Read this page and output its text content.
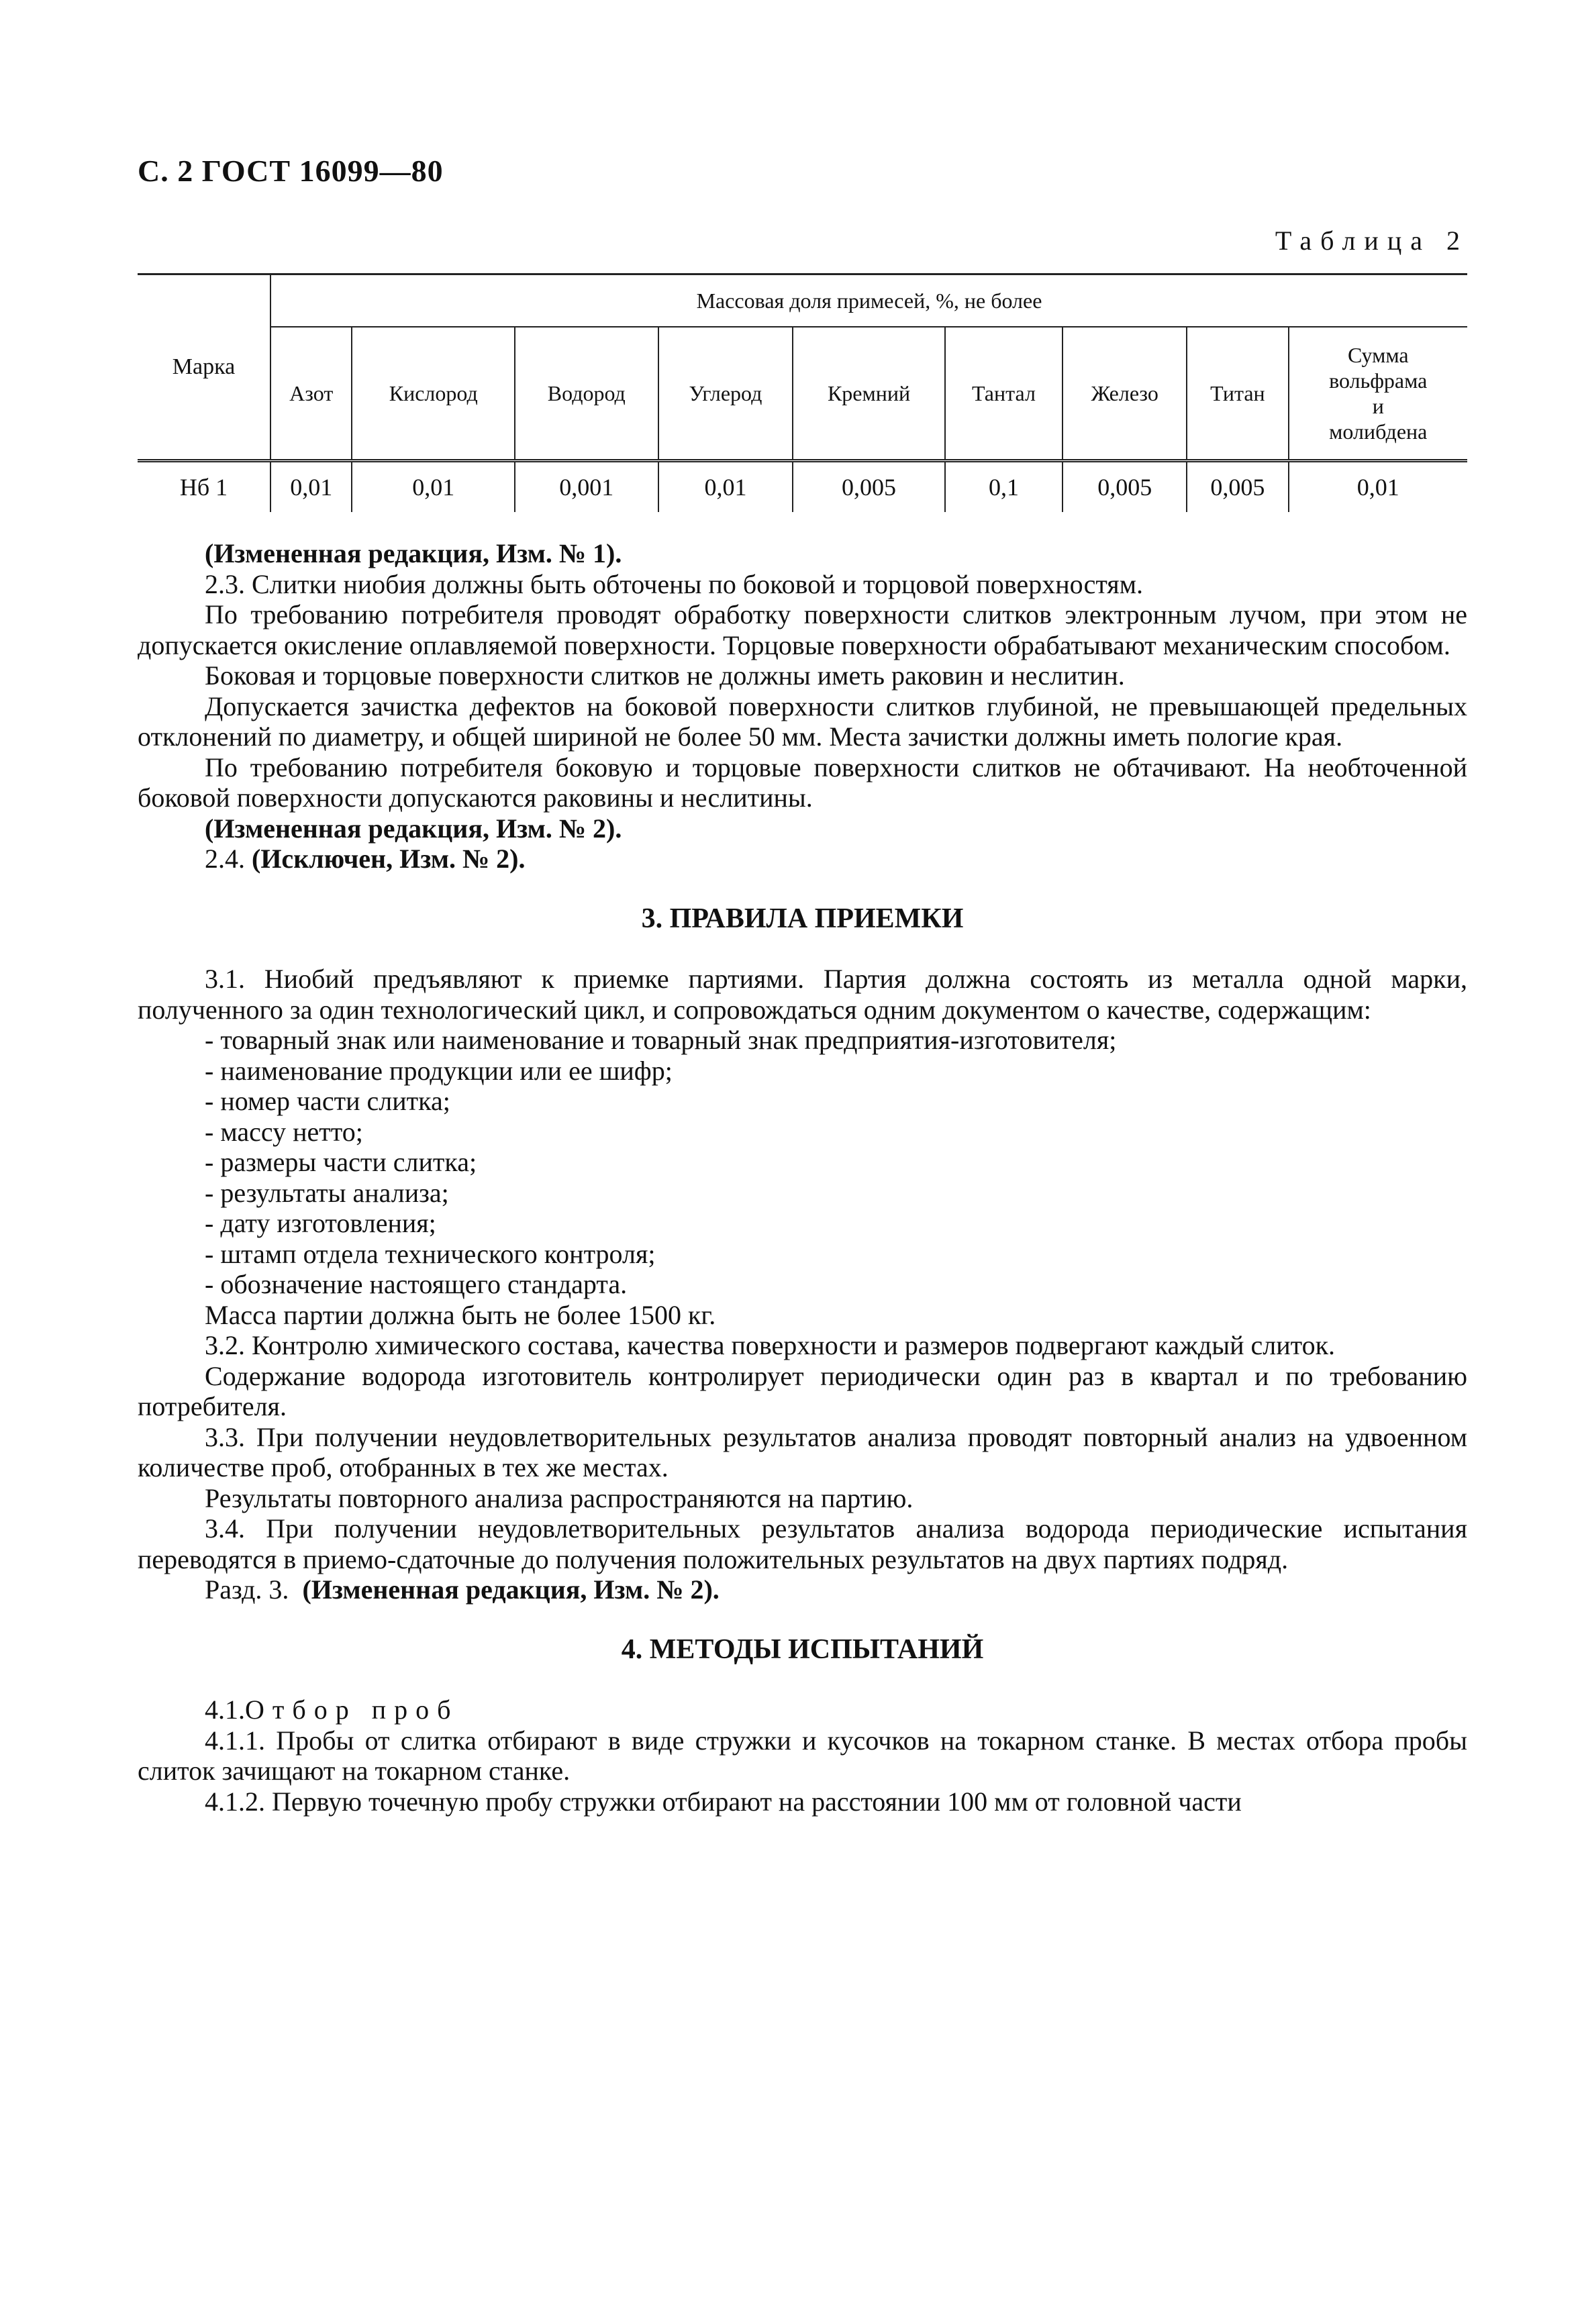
С. 2 ГОСТ 16099—80
Таблица 2
Марка	Массовая доля примесей, %, не более								
	Азот	Кислород	Водород	Углерод	Кремний	Тантал	Железо	Титан	Сумма
вольфрама
и
молибдена
Нб 1	0,01	0,01	0,001	0,01	0,005	0,1	0,005	0,005	0,01

(Измененная редакция, Изм. № 1).

2.3. Слитки ниобия должны быть обточены по боковой и торцовой поверхностям.

По требованию потребителя проводят обработку поверхности слитков электронным лучом, при этом не допускается окисление оплавляемой поверхности. Торцовые поверхности обрабатывают механическим способом.

Боковая и торцовые поверхности слитков не должны иметь раковин и неслитин.

Допускается зачистка дефектов на боковой поверхности слитков глубиной, не превышающей предельных отклонений по диаметру, и общей шириной не более 50 мм. Места зачистки должны иметь пологие края.

По требованию потребителя боковую и торцовые поверхности слитков не обтачивают. На необточенной боковой поверхности допускаются раковины и неслитины.

(Измененная редакция, Изм. № 2).

2.4. (Исключен, Изм. № 2).

3. ПРАВИЛА ПРИЕМКИ

3.1. Ниобий предъявляют к приемке партиями. Партия должна состоять из металла одной марки, полученного за один технологический цикл, и сопровождаться одним документом о качестве, содержащим:

- товарный знак или наименование и товарный знак предприятия-изготовителя;
- наименование продукции или ее шифр;
- номер части слитка;
- массу нетто;
- размеры части слитка;
- результаты анализа;
- дату изготовления;
- штамп отдела технического контроля;
- обозначение настоящего стандарта.

Масса партии должна быть не более 1500 кг.

3.2. Контролю химического состава, качества поверхности и размеров подвергают каждый слиток.

Содержание водорода изготовитель контролирует периодически один раз в квартал и по требованию потребителя.

3.3. При получении неудовлетворительных результатов анализа проводят повторный анализ на удвоенном количестве проб, отобранных в тех же местах.

Результаты повторного анализа распространяются на партию.

3.4. При получении неудовлетворительных результатов анализа водорода периодические испытания переводятся в приемо-сдаточные до получения положительных результатов на двух партиях подряд.

Разд. 3. (Измененная редакция, Изм. № 2).

4. МЕТОДЫ ИСПЫТАНИЙ

4.1.Отбор проб

4.1.1. Пробы от слитка отбирают в виде стружки и кусочков на токарном станке. В местах отбора пробы слиток зачищают на токарном станке.

4.1.2. Первую точечную пробу стружки отбирают на расстоянии 100 мм от головной части
